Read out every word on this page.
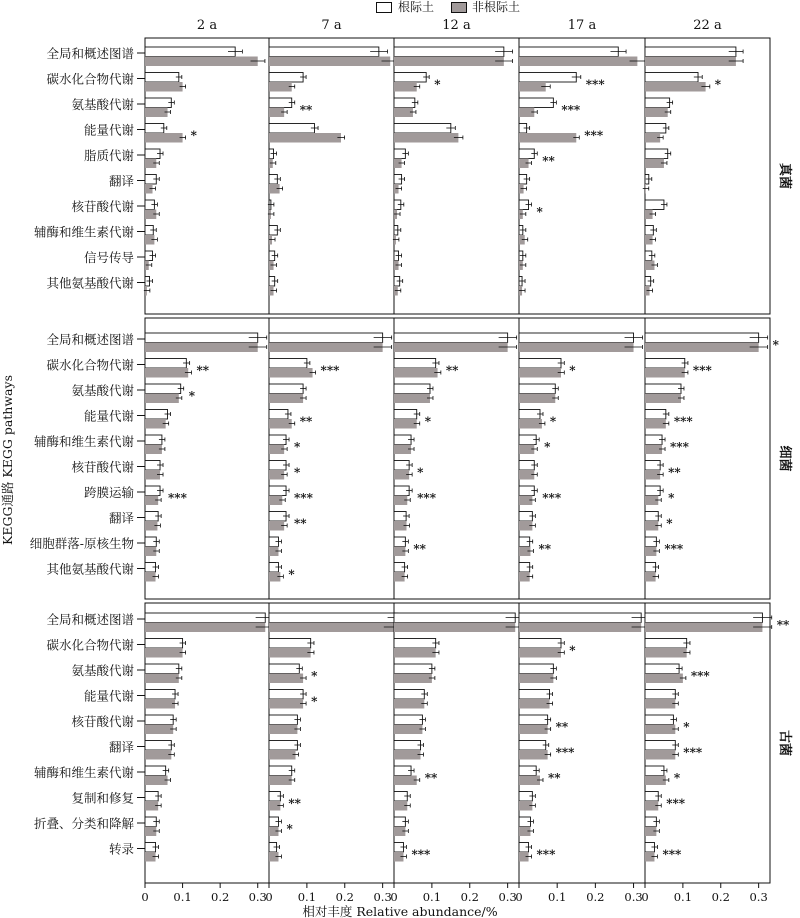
根际土	非根际土
2 a	7 a	12 a	17 a	22 a
全局和概述图谱
碳水化合物代谢
氨基酸代谢
能量代谢
脂质代谢
翻译
核苷酸代谢
辅酶和维生素代谢
信号传导
其他氨基酸代谢
真菌
*
**
*	***
***
***
**
*
*
全局和概述图谱
碳水化合物代谢
氨基酸代谢
能量代谢
辅酶和维生素代谢
核苷酸代谢
跨膜运输
翻译
细胞群落-原核生物
其他氨基酸代谢
细菌
**
*
***
***
**
*
*
***
**
*
**
*
*
***
**
*
*
*
***
**
*
***
***
***
**
*
*
***
全局和概述图谱
碳水化合物代谢
氨基酸代谢
能量代谢
核苷酸代谢
翻译
辅酶和维生素代谢
复制和修复
折叠、分类和降解
转录
古菌
*
*
**
*
**
***
*
**
***
**
***
**
***
*
***
*
***
***
0 0.1 0.2 0.3
0 0.1 0.2 0.3
0 0.1 0.2 0.3
0 0.1 0.2 0.3
0 0.1 0.2 0.3
相对丰度 Relative abundance/%
KEGG通路 KEGG pathways
